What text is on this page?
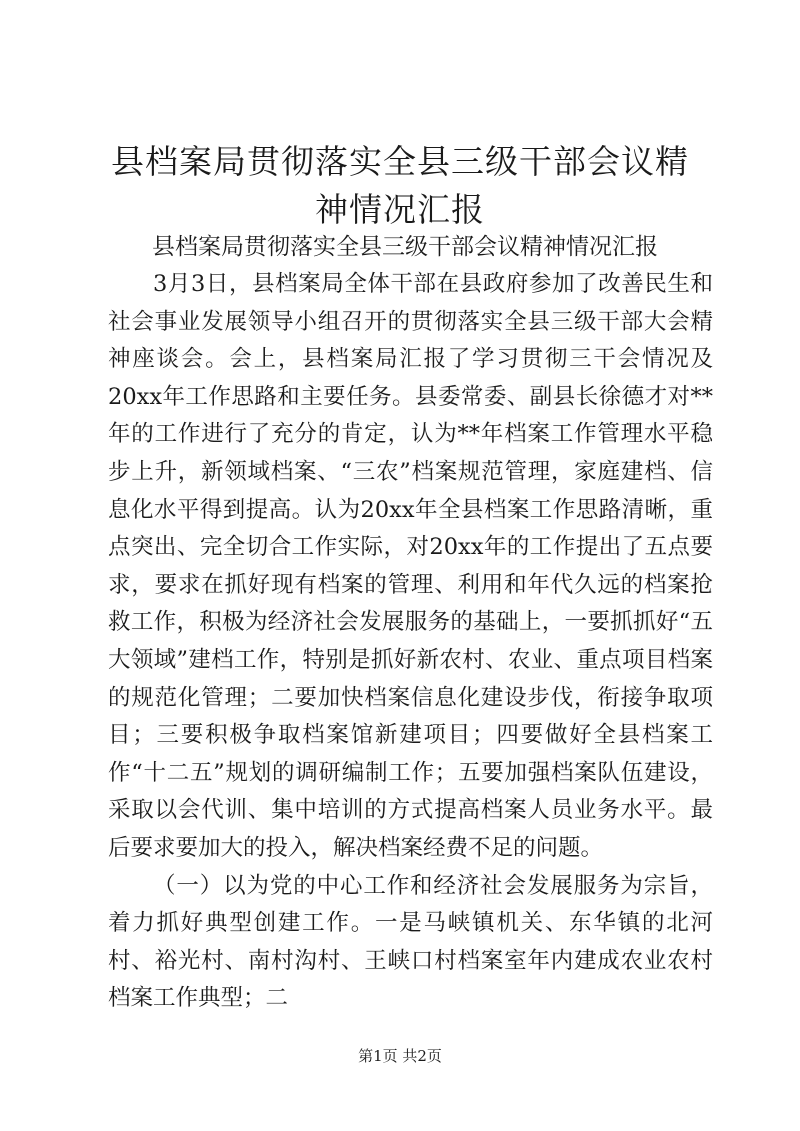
县档案局贯彻落实全县三级干部会议精神情况汇报
县档案局贯彻落实全县三级干部会议精神情况汇报

3月3日，县档案局全体干部在县政府参加了改善民生和社会事业发展领导小组召开的贯彻落实全县三级干部大会精神座谈会。会上，县档案局汇报了学习贯彻三干会情况及20xx年工作思路和主要任务。县委常委、副县长徐德才对**年的工作进行了充分的肯定，认为**年档案工作管理水平稳步上升，新领域档案、“三农”档案规范管理，家庭建档、信息化水平得到提高。认为20xx年全县档案工作思路清晰，重点突出、完全切合工作实际，对20xx年的工作提出了五点要求，要求在抓好现有档案的管理、利用和年代久远的档案抢救工作，积极为经济社会发展服务的基础上，一要抓抓好“五大领域”建档工作，特别是抓好新农村、农业、重点项目档案的规范化管理；二要加快档案信息化建设步伐，衔接争取项目；三要积极争取档案馆新建项目；四要做好全县档案工作“十二五”规划的调研编制工作；五要加强档案队伍建设，采取以会代训、集中培训的方式提高档案人员业务水平。最后要求要加大的投入，解决档案经费不足的问题。

（一）以为党的中心工作和经济社会发展服务为宗旨，着力抓好典型创建工作。一是马峡镇机关、东华镇的北河村、裕光村、南村沟村、王峡口村档案室年内建成农业农村档案工作典型；二

第1页 共2页
